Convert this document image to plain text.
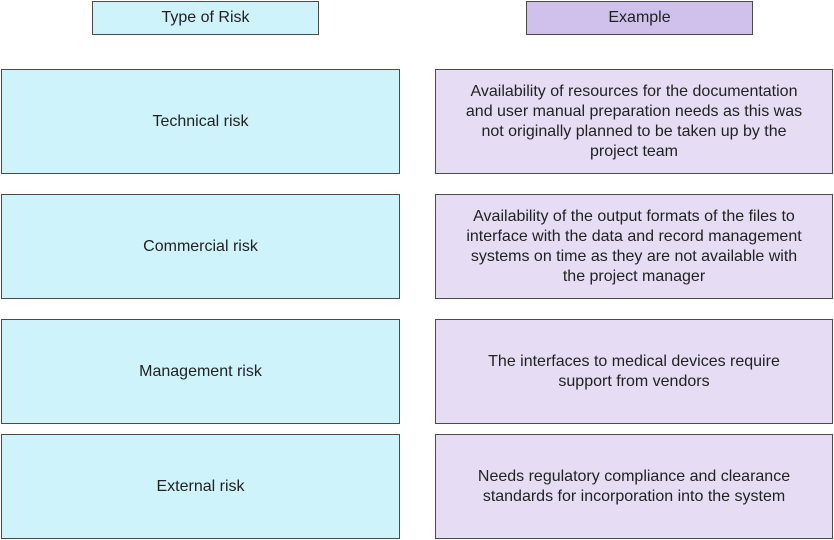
Type of Risk	Example
Technical risk
Availability of resources for the documentation
and user manual preparation needs as this was
not originally planned to be taken up by the
project team
Commercial risk
Availability of the output formats of the files to
interface with the data and record management
systems on time as they are not available with
the project manager
Management risk
The interfaces to medical devices require
support from vendors
External risk
Needs regulatory compliance and clearance
standards for incorporation into the system
